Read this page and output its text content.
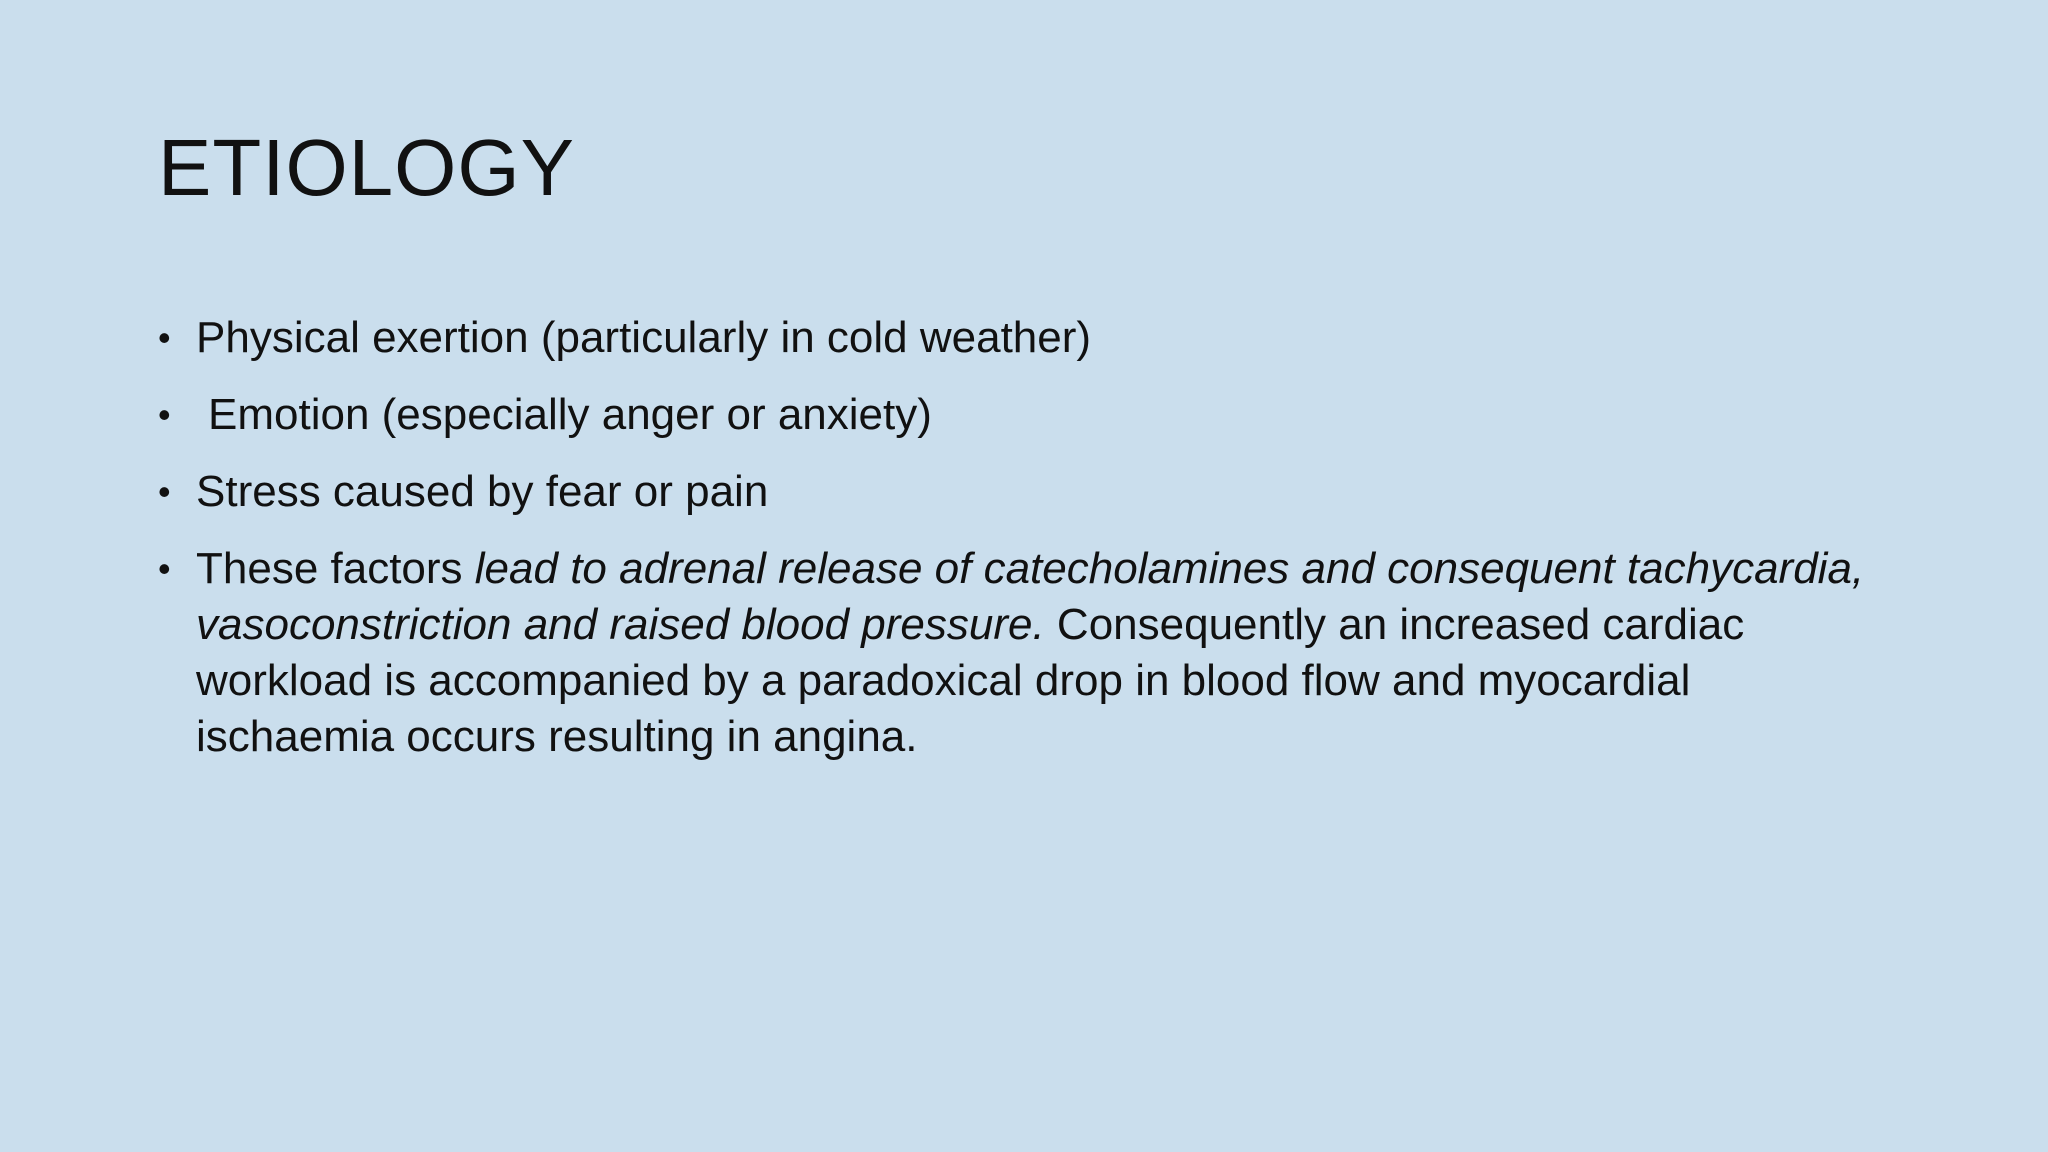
ETIOLOGY
• Physical exertion (particularly in cold weather)
• Emotion (especially anger or anxiety)
• Stress caused by fear or pain
• These factors lead to adrenal release of catecholamines and consequent tachycardia, vasoconstriction and raised blood pressure. Consequently an increased cardiac workload is accompanied by a paradoxical drop in blood flow and myocardial ischaemia occurs resulting in angina.
